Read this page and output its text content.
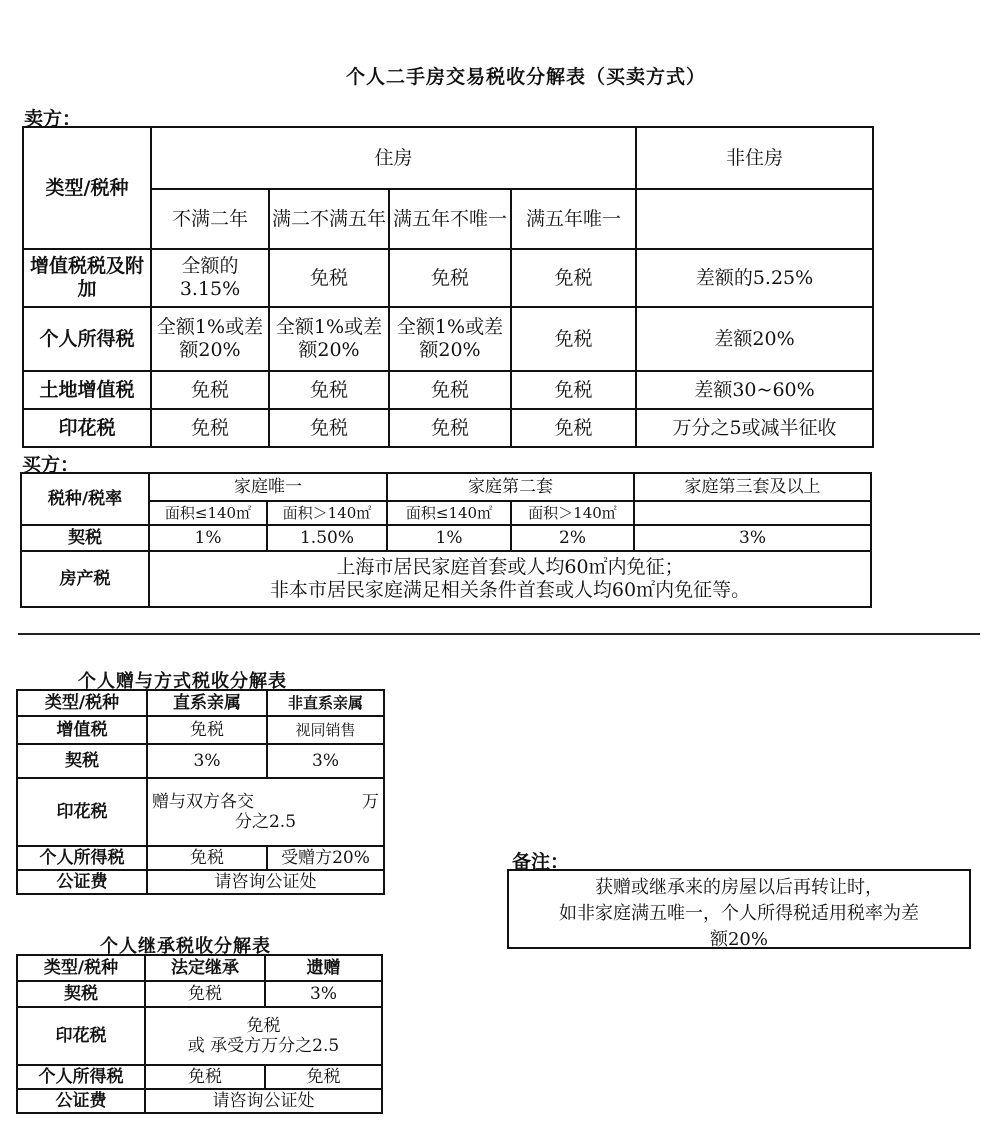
个人二手房交易税收分解表（买卖方式）
卖方：
类型/税种	住房				非住房
	不满二年	满二不满五年	满五年不唯一	满五年唯一	
增值税税及附加	全额的3.15%	免税	免税	免税	差额的5.25%
个人所得税	全额1%或差额20%	全额1%或差额20%	全额1%或差额20%	免税	差额20%
土地增值税	免税	免税	免税	免税	差额30~60%
印花税	免税	免税	免税	免税	万分之5或减半征收
买方：
税种/税率	家庭唯一		家庭第二套		家庭第三套及以上
	面积≤140㎡	面积＞140㎡	面积≤140㎡	面积＞140㎡	
契税	1%	1.50%	1%	2%	3%
房产税	上海市居民家庭首套或人均60㎡内免征；
非本市居民家庭满足相关条件首套或人均60㎡内免征等。				
个人赠与方式税收分解表
类型/税种	直系亲属	非直系亲属
增值税	免税	视同销售
契税	3%	3%
印花税	赠与双方各交 万
分之2.5	

个人所得税	免税	受赠方20%
公证费	请咨询公证处	
个人继承税收分解表
类型/税种	法定继承	遗赠
契税	免税	3%
印花税	免税
或 承受方万分之2.5	

个人所得税	免税	免税
公证费	请咨询公证处	
备注：
获赠或继承来的房屋以后再转让时，
如非家庭满五唯一，个人所得税适用税率为差
额20%
